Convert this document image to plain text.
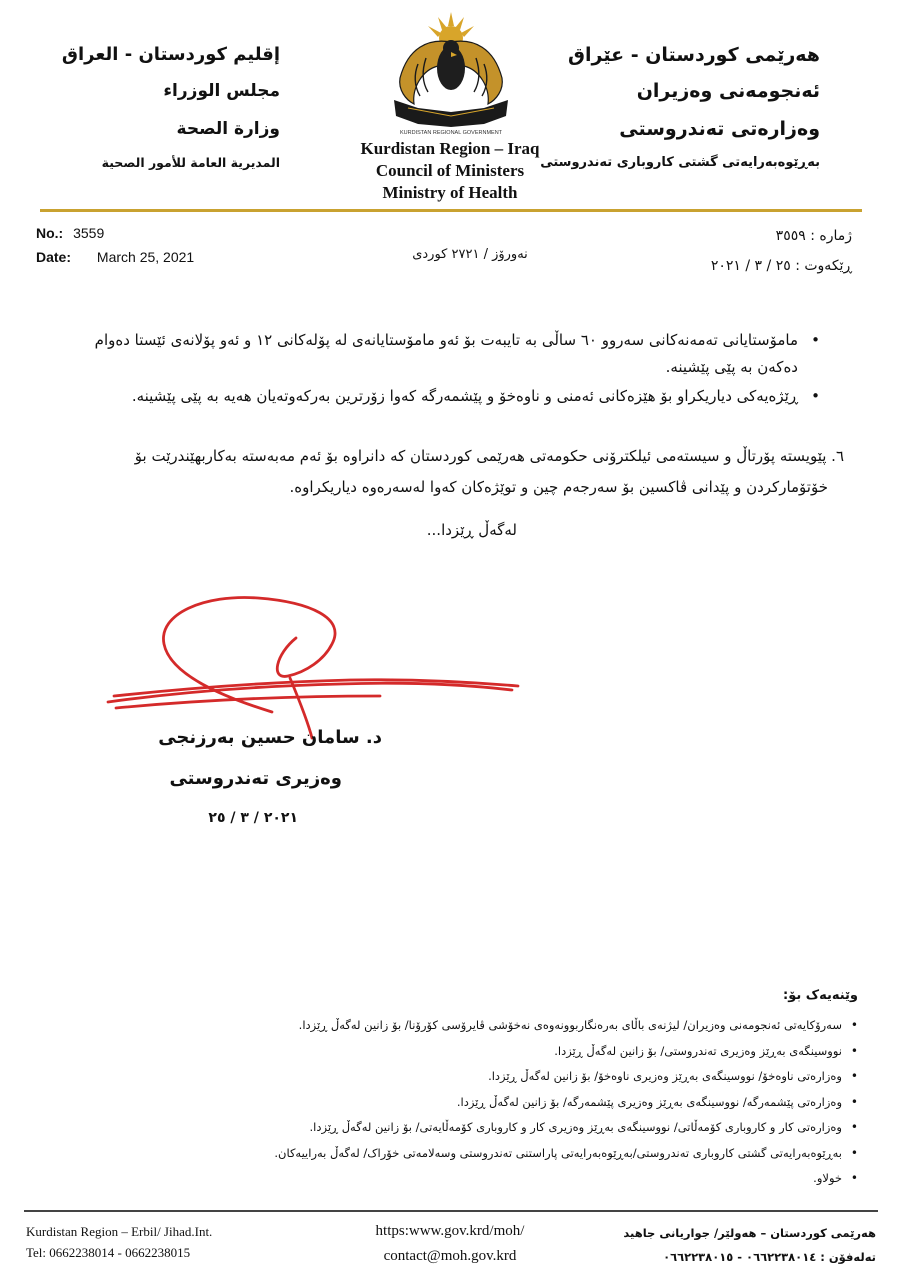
هەرێمی کوردستان - عێراق
ئەنجومەنی وەزیران
وەزارەتی تەندروستی
بەڕێوەبەرایەتی گشتی کاروباری تەندروستی
إقليم كوردستان - العراق
مجلس الوزراء
وزارة الصحة
المديرية العامة للأمور الصحية
KURDISTAN REGIONAL GOVERNMENT
Kurdistan Region – Iraq
Council of Ministers
Ministry of Health
No.: 3559
Date: March 25, 2021	نەورۆز / ٢٧٢١ کوردی
ژمارە : ٣٥٥٩
ڕێکەوت : ٢٥ / ٣ / ٢٠٢١
• مامۆستایانی تەمەنەکانی سەروو ٦٠ ساڵی بە تایبەت بۆ ئەو مامۆستایانەی لە پۆلەکانی ١٢ و ئەو پۆلانەی ئێستا دەوام دەکەن بە پێی پێشینە.
• ڕێژەیەکی دیاریکراو بۆ هێزەکانی ئەمنی و ناوەخۆ و پێشمەرگە کەوا زۆرترین بەرکەوتەیان هەیە بە پێی پێشینە.
٦. پێویستە پۆرتاڵ و سیستەمی ئیلکترۆنی حکومەتی هەرێمی کوردستان کە دانراوە بۆ ئەم مەبەستە بەکاربهێندرێت بۆ
خۆتۆمارکردن و پێدانی ڤاکسین بۆ سەرجەم چین و توێژەکان کەوا لەسەرەوە دیاریکراوە.
لەگەڵ ڕێزدا...
د. سامان حسین بەرزنجی
وەزیری تەندروستی
٢٠٢١ / ٣ / ٢٥
وێنەیەک بۆ:
• سەرۆکایەتی ئەنجومەنی وەزیران/ لیژنەی باڵای بەرەنگاربوونەوەی نەخۆشی ڤایرۆسی کۆرۆنا/ بۆ زانین لەگەڵ ڕێزدا.
• نووسینگەی بەڕێز وەزیری تەندروستی/ بۆ زانین لەگەڵ ڕێزدا.
• وەزارەتی ناوەخۆ/ نووسینگەی بەڕێز وەزیری ناوەخۆ/ بۆ زانین لەگەڵ ڕێزدا.
• وەزارەتی پێشمەرگە/ نووسینگەی بەڕێز وەزیری پێشمەرگە/ بۆ زانین لەگەڵ ڕێزدا.
• وەزارەتی کار و کاروباری کۆمەڵاتی/ نووسینگەی بەڕێز وەزیری کار و کاروباری کۆمەڵایەتی/ بۆ زانین لەگەڵ ڕێزدا.
• بەڕێوەبەرایەتی گشتی کاروباری تەندروستی/بەڕێوەبەرایەتی پاراستنی تەندروستی وسەلامەتی خۆراک/ لەگەڵ بەراییەکان.
• خولاو.
Kurdistan Region – Erbil/ Jihad.Int.
Tel: 0662238014 - 0662238015
https:www.gov.krd/moh/
contact@moh.gov.krd
هەرێمی کوردستان – هەولێر/ جواریانی جاهید
تەلەفۆن : ٠٦٦٢٢٣٨٠١٤ - ٠٦٦٢٢٣٨٠١٥
